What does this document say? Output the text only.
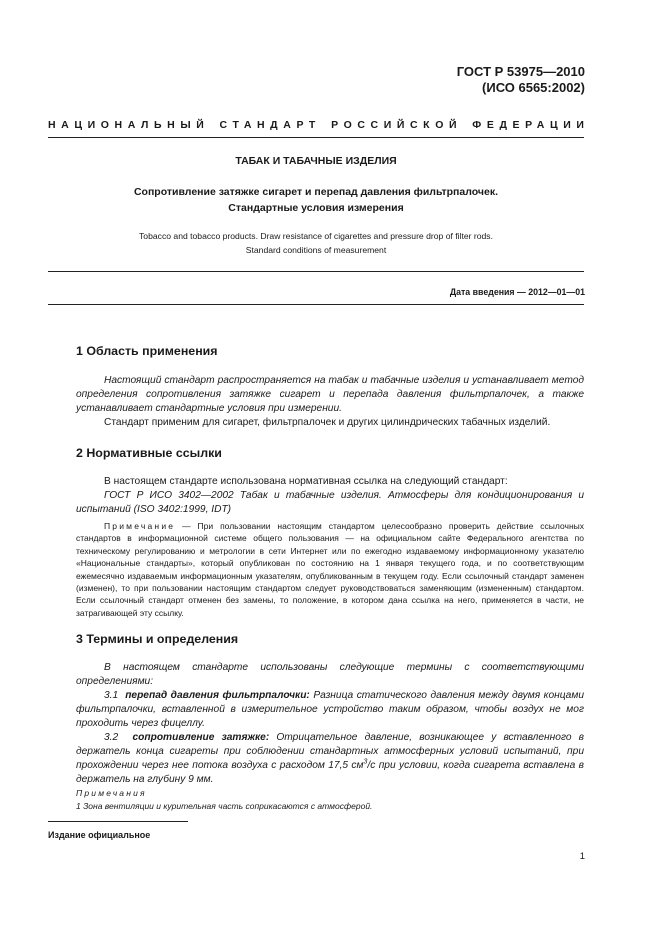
ГОСТ Р 53975—2010
(ИСО 6565:2002)
НАЦИОНАЛЬНЫЙ СТАНДАРТ РОССИЙСКОЙ ФЕДЕРАЦИИ
ТАБАК И ТАБАЧНЫЕ ИЗДЕЛИЯ
Сопротивление затяжке сигарет и перепад давления фильтрпалочек.
Стандартные условия измерения
Tobacco and tobacco products. Draw resistance of cigarettes and pressure drop of filter rods.
Standard conditions of measurement
Дата введения — 2012—01—01
1 Область применения
Настоящий стандарт распространяется на табак и табачные изделия и устанавливает метод определения сопротивления затяжке сигарет и перепада давления фильтрпалочек, а также устанавливает стандартные условия при измерении.
Стандарт применим для сигарет, фильтрпалочек и других цилиндрических табачных изделий.
2 Нормативные ссылки
В настоящем стандарте использована нормативная ссылка на следующий стандарт:
ГОСТ Р ИСО 3402—2002 Табак и табачные изделия. Атмосферы для кондиционирования и испытаний (ISO 3402:1999, IDT)
Примечание — При пользовании настоящим стандартом целесообразно проверить действие ссылочных стандартов в информационной системе общего пользования — на официальном сайте Федерального агентства по техническому регулированию и метрологии в сети Интернет или по ежегодно издаваемому информационному указателю «Национальные стандарты», который опубликован по состоянию на 1 января текущего года, и по соответствующим ежемесячно издаваемым информационным указателям, опубликованным в текущем году. Если ссылочный стандарт заменен (изменен), то при пользовании настоящим стандартом следует руководствоваться заменяющим (измененным) стандартом. Если ссылочный стандарт отменен без замены, то положение, в котором дана ссылка на него, применяется в части, не затрагивающей эту ссылку.
3 Термины и определения
В настоящем стандарте использованы следующие термины с соответствующими определениями:
3.1 перепад давления фильтрпалочки: Разница статического давления между двумя концами фильтрпалочки, вставленной в измерительное устройство таким образом, чтобы воздух не мог проходить через фицеллу.
3.2 сопротивление затяжке: Отрицательное давление, возникающее у вставленного в держатель конца сигареты при соблюдении стандартных атмосферных условий испытаний, при прохождении через нее потока воздуха с расходом 17,5 $см^3/с$ при условии, когда сигарета вставлена в держатель на глубину 9 мм.
Примечания
1 Зона вентиляции и курительная часть соприкасаются с атмосферой.
Издание официальное
1
